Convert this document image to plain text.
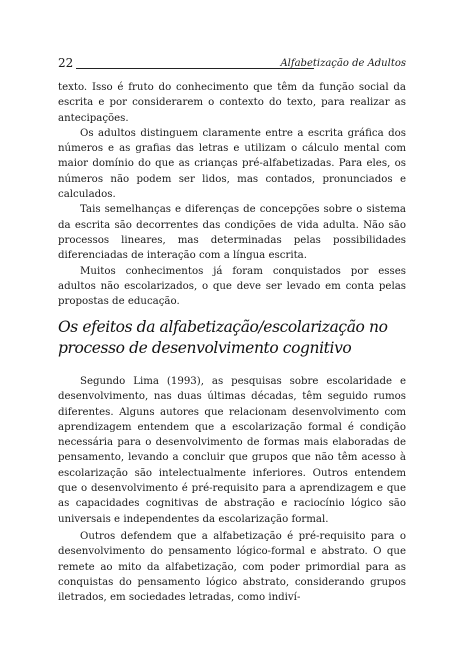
22	Alfabetização de Adultos

texto. Isso é fruto do conhecimento que têm da função social da escrita e por considerarem o contexto do texto, para realizar as antecipações.

Os adultos distinguem claramente entre a escrita gráfica dos números e as grafias das letras e utilizam o cálculo mental com maior domínio do que as crianças pré-alfabetizadas. Para eles, os números não podem ser lidos, mas contados, pronunciados e calculados.

Tais semelhanças e diferenças de concepções sobre o sistema da escrita são decorrentes das condições de vida adulta. Não são processos lineares, mas determinadas pelas possibilidades diferenciadas de interação com a língua escrita.

Muitos conhecimentos já foram conquistados por esses adultos não escolarizados, o que deve ser levado em conta pelas propostas de educação.

Os efeitos da alfabetização/escolarização no processo de desenvolvimento cognitivo

Segundo Lima (1993), as pesquisas sobre escolaridade e desenvolvimento, nas duas últimas décadas, têm seguido rumos diferentes. Alguns autores que relacionam desenvolvimento com aprendizagem entendem que a escolarização formal é condição necessária para o desenvolvimento de formas mais elaboradas de pensamento, levando a concluir que grupos que não têm acesso à escolarização são intelectualmente inferiores. Outros entendem que o desenvolvimento é pré-requisito para a aprendizagem e que as capacidades cognitivas de abstração e raciocínio lógico são universais e independentes da escolarização formal.

Outros defendem que a alfabetização é pré-requisito para o desenvolvimento do pensamento lógico-formal e abstrato. O que remete ao mito da alfabetização, com poder primordial para as conquistas do pensamento lógico abstrato, considerando grupos iletrados, em sociedades letradas, como indiví-
